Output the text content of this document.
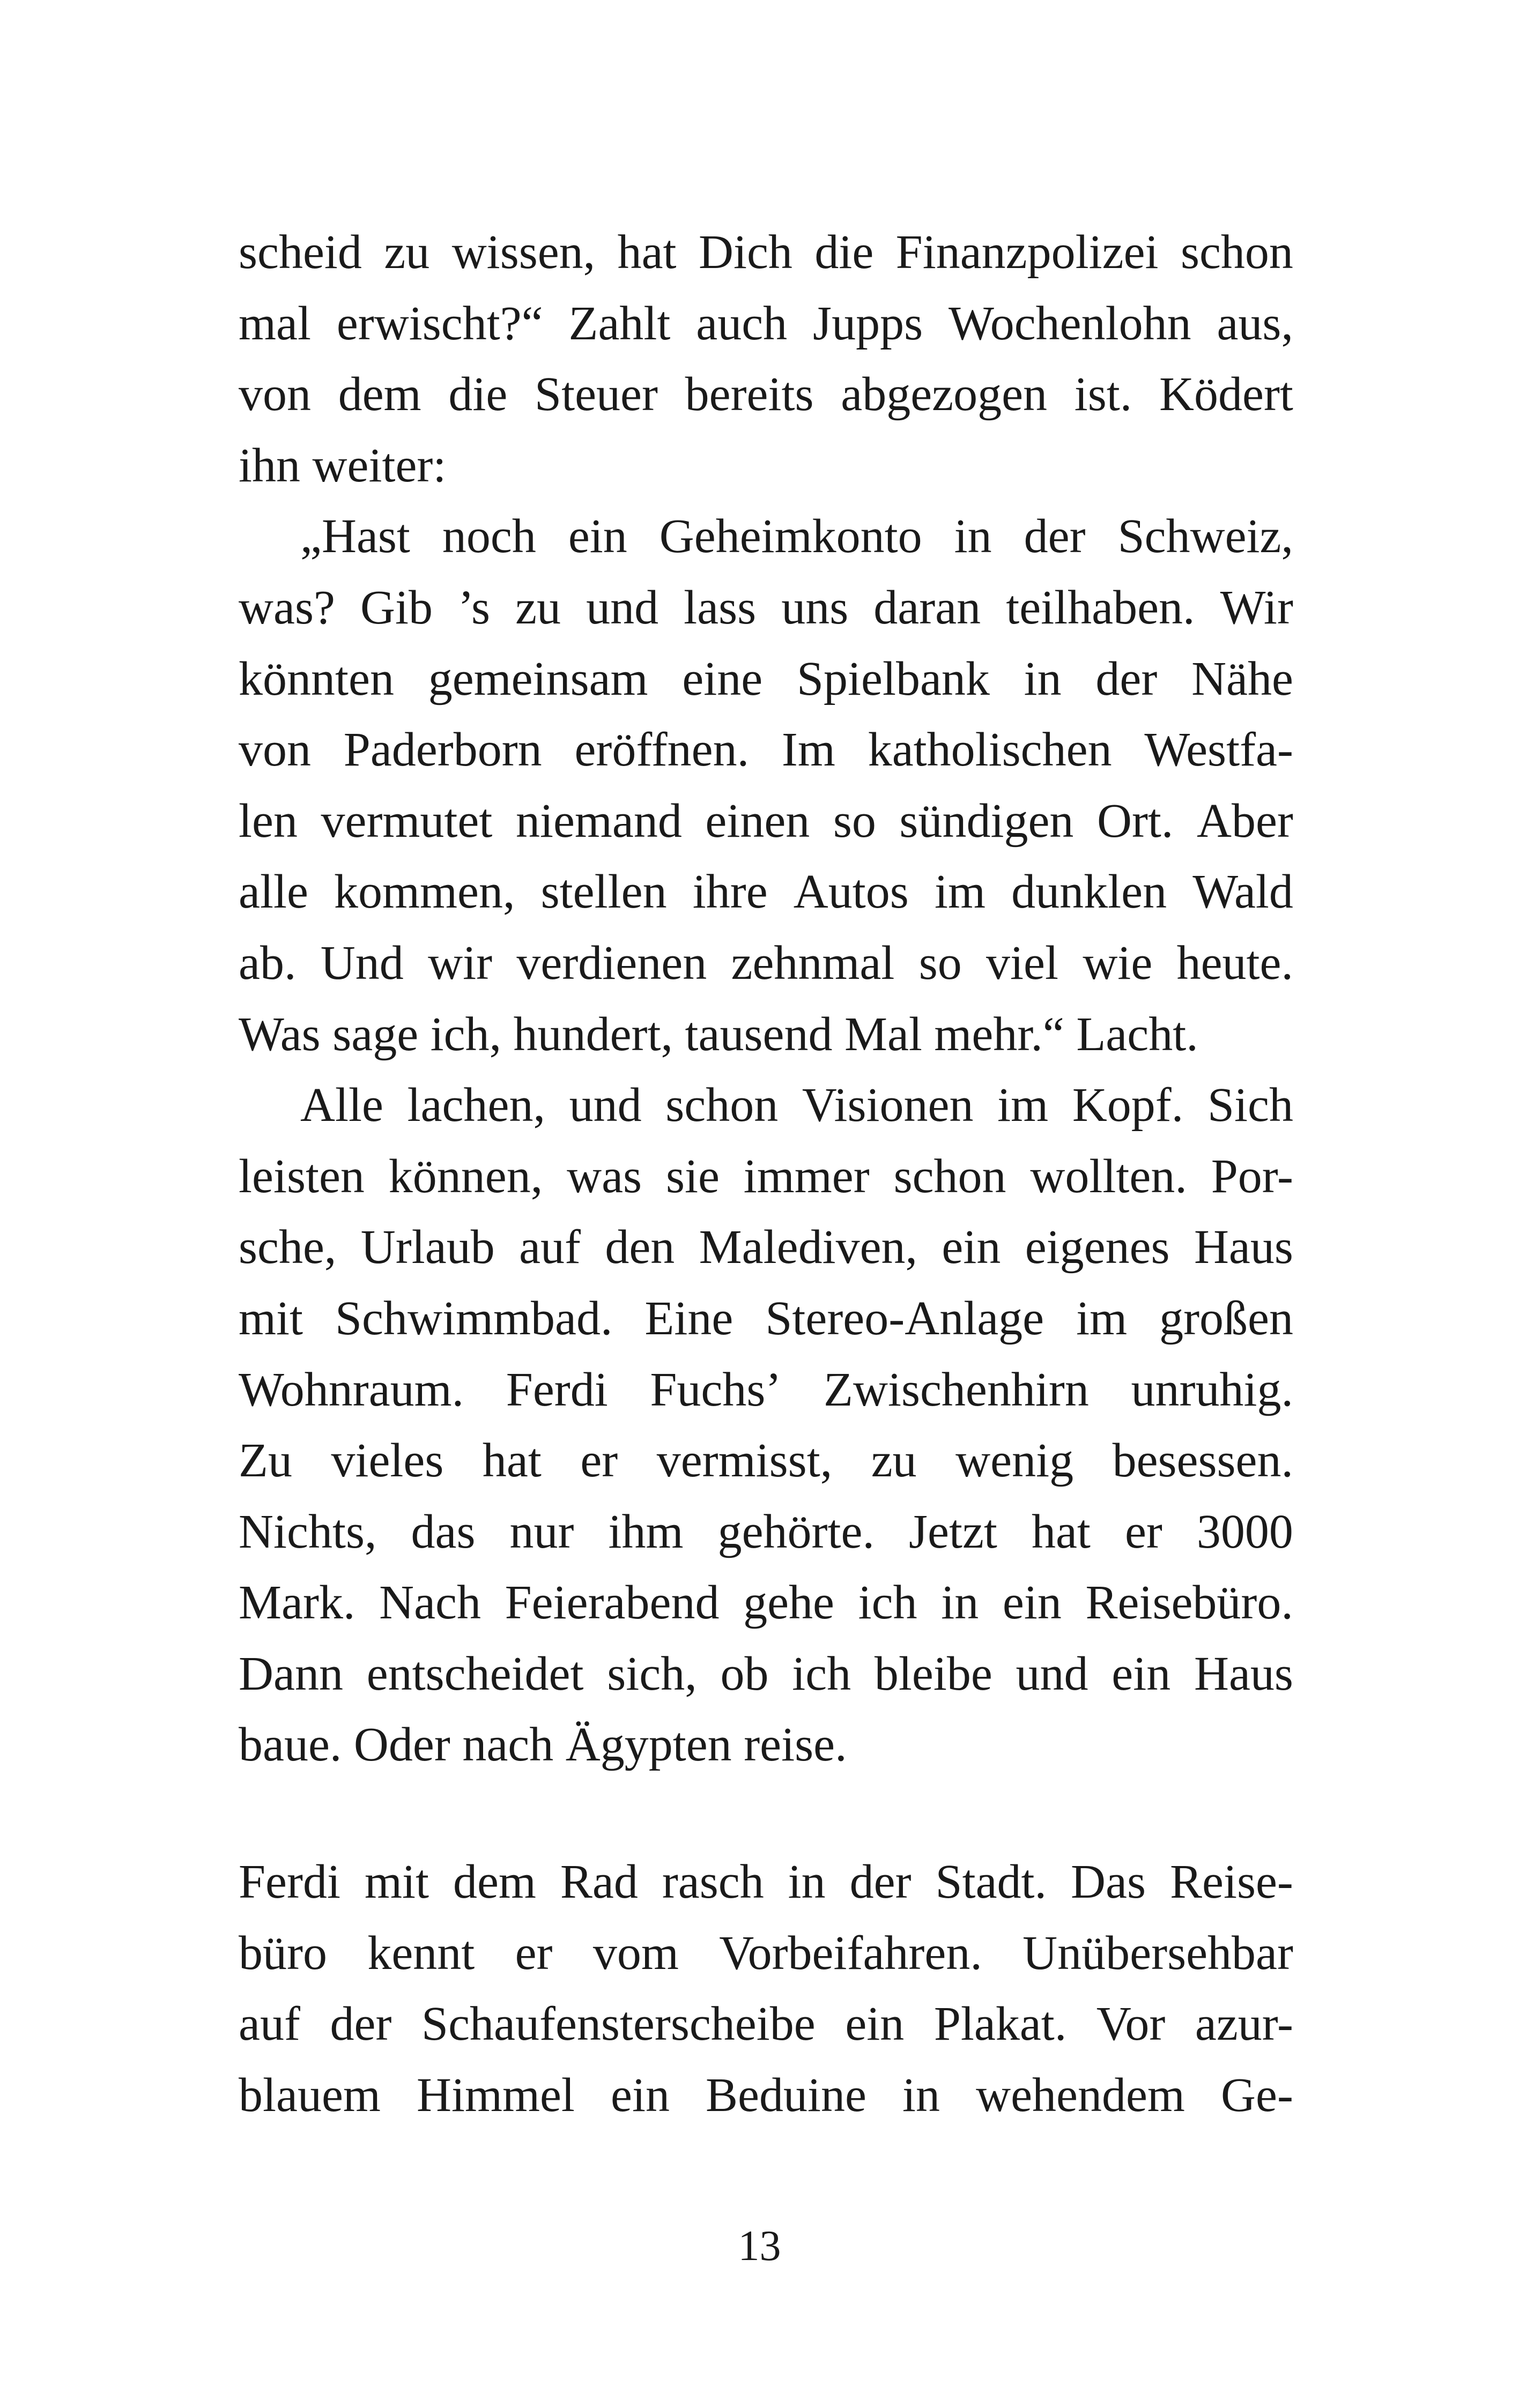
scheid zu wissen, hat Dich die Finanzpolizei schon
mal erwischt?“ Zahlt auch Jupps Wochenlohn aus,
von dem die Steuer bereits abgezogen ist. Ködert
ihn weiter:
„Hast noch ein Geheimkonto in der Schweiz,
was? Gib ’s zu und lass uns daran teilhaben. Wir
könnten gemeinsam eine Spielbank in der Nähe
von Paderborn eröffnen. Im katholischen Westfa-
len vermutet niemand einen so sündigen Ort. Aber
alle kommen, stellen ihre Autos im dunklen Wald
ab. Und wir verdienen zehnmal so viel wie heute.
Was sage ich, hundert, tausend Mal mehr.“ Lacht.
Alle lachen, und schon Visionen im Kopf. Sich
leisten können, was sie immer schon wollten. Por-
sche, Urlaub auf den Malediven, ein eigenes Haus
mit Schwimmbad. Eine Stereo-Anlage im großen
Wohnraum. Ferdi Fuchs’ Zwischenhirn unruhig.
Zu vieles hat er vermisst, zu wenig besessen.
Nichts, das nur ihm gehörte. Jetzt hat er 3000
Mark. Nach Feierabend gehe ich in ein Reisebüro.
Dann entscheidet sich, ob ich bleibe und ein Haus
baue. Oder nach Ägypten reise.
Ferdi mit dem Rad rasch in der Stadt. Das Reise-
büro kennt er vom Vorbeifahren. Unübersehbar
auf der Schaufensterscheibe ein Plakat. Vor azur-
blauem Himmel ein Beduine in wehendem Ge-
13
